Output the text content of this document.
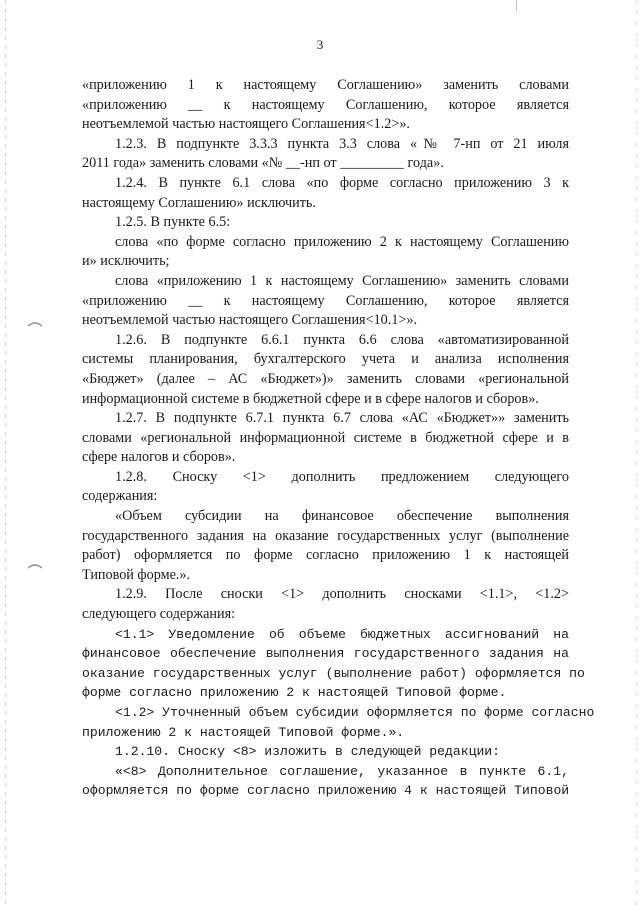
3
«приложению 1 к настоящему Соглашению» заменить словами
«приложению __ к настоящему Соглашению, которое является
неотъемлемой частью настоящего Соглашения<1.2>».
1.2.3. В подпункте 3.3.3 пункта 3.3 слова «№ 7-нп от 21 июля
2011 года» заменить словами «№ __-нп от _________ года».
1.2.4. В пункте 6.1 слова «по форме согласно приложению 3 к
настоящему Соглашению» исключить.
1.2.5. В пункте 6.5:
слова «по форме согласно приложению 2 к настоящему Соглашению
и» исключить;
слова «приложению 1 к настоящему Соглашению» заменить словами
«приложению __ к настоящему Соглашению, которое является
неотъемлемой частью настоящего Соглашения<10.1>».
1.2.6. В подпункте 6.6.1 пункта 6.6 слова «автоматизированной
системы планирования, бухгалтерского учета и анализа исполнения
«Бюджет» (далее – АС «Бюджет»)» заменить словами «региональной
информационной системе в бюджетной сфере и в сфере налогов и сборов».
1.2.7. В подпункте 6.7.1 пункта 6.7 слова «АС «Бюджет»» заменить
словами «региональной информационной системе в бюджетной сфере и в
сфере налогов и сборов».
1.2.8. Сноску <1> дополнить предложением следующего
содержания:
«Объем субсидии на финансовое обеспечение выполнения
государственного задания на оказание государственных услуг (выполнение
работ) оформляется по форме согласно приложению 1 к настоящей
Типовой форме.».
1.2.9. После сноски <1> дополнить сносками <1.1>, <1.2>
следующего содержания:
<1.1> Уведомление об объеме бюджетных ассигнований на
финансовое обеспечение выполнения государственного задания на
оказание государственных услуг (выполнение работ) оформляется по
форме согласно приложению 2 к настоящей Типовой форме.
<1.2> Уточненный объем субсидии оформляется по форме согласно
приложению 2 к настоящей Типовой форме.».
1.2.10. Сноску <8> изложить в следующей редакции:
«<8> Дополнительное соглашение, указанное в пункте 6.1,
оформляется по форме согласно приложению 4 к настоящей Типовой
